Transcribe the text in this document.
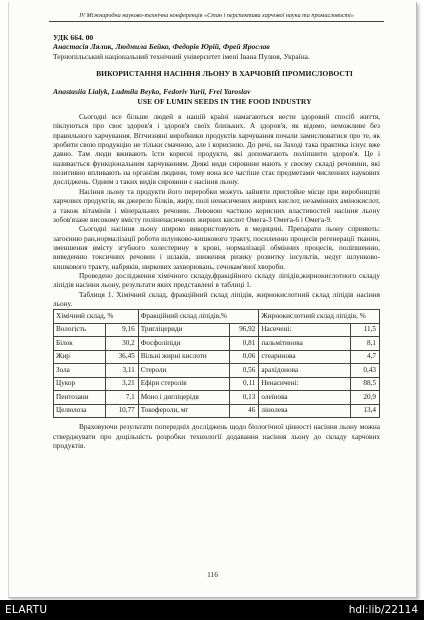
IV Міжнародна науково-технічна конференція «Стан і перспективи харчової науки та промисловості»
УДК 664. 00
Анастасія Лялик, Людмила Бейко, Федорів Юрій, Фрей Ярослав
Тернопільський національний технічний університет імені Івана Пулюя, Україна.
ВИКОРИСТАННЯ НАСІННЯ ЛЬОНУ В ХАРЧОВІЙ ПРОМИСЛОВОСТІ
Anastasiia Lialyk, Ludmila Beyko, Fedoriv Yurii, Frei Yaroslav
USE OF LUMIN SEEDS IN THE FOOD INDUSTRY

Сьогодні все більше людей в нашій країні намагаються вести здоровий спосіб життя, піклуються про своє здоров'я і здоров'я своїх близьких. А здоров'я, як відомо, неможливе без правильного харчування. Вітчизняні виробники продуктів харчування почали замислюватися про те, як зробити свою продукцію не тільки смачною, але і корисною. До речі, на Заході така практика існує вже давно. Там люди вживають їсти корисні продукти, які допомагають поліпшити здоров'я. Це і називається функціональним харчуванням. Деякі види сировини мають у своєму складі речовини, які позитивно впливають на організм людини, тому вона все частіше стає предметами численних наукових досліджень. Одним з таких видів сировини є насіння льону.

Насіння льону та продукти його переробки можуть зайняти пристойне місце при виробництві харчових продуктів, як джерело білків, жиру, полі ненасичених жирних кислот, незамінних амінокислот, а також вітамінів і мінеральних речовин. Левовою часткою корисних властивостей насіння льону зобов'язане високому вмісту поліненасичених жирних кислот Омега-3 Омега-6 і Омега-9.

Сьогодні насіння льону широко використовують в медицині. Препарати льону сприяють: загоєнню ран,нормалізації роботи шлунково-кишкового тракту, посиленню процесів регенерації тканин, зменшення вмісту згубного холестерину в крові, нормалізації обмінних процесів, поліпшенню, виведенню токсичних речовин і шлаків, зниження ризику розвитку інсультів, недуг шлунково-кишкового тракту, набряків, ниркових захворювань, сечокам'яної хвороби.

Проведено дослідження хімічного складу,фракційного складу ліпідів,жирнокислотного складу ліпідів насіння льону, результати яких представлені в таблиці 1.

Таблиця 1. Хімічний склад, фракційний склад ліпідів, жирнокислотний склад ліпідів насіння льону.

Хімічний склад, %		Фракційний склад ліпідів,%		Жирнокислотний склад ліпідів, %	
Вологість	9,16	Тригліцериди	96,92	Насичені:	11,5
Білок	30,2	Фосфоліпіди	0,81	пальмітинова	8,1
Жир	36,45	Вільні жирні кислоти	0,06	стеаринова	4,7
Зола	3,11	Стероли	0,56	арахідонова	0,43
Цукор	3,21	Ефіри стеролів	0,11	Ненасичені:	88,5
Пентозани	7,1	Моно і дигліцерідя	0,13	олеїнова	20,9
Целюлоза	10,77	Токофероли, мг	46	лінолева	13,4

Враховуючи результати попередніх досліджень щодо біологічної цінності насіння льону можна стверджувати про доцільність розробки технології додавання насіння льону до складу харчових продуктів.

116
ELARTU	hdl:lib/22114
